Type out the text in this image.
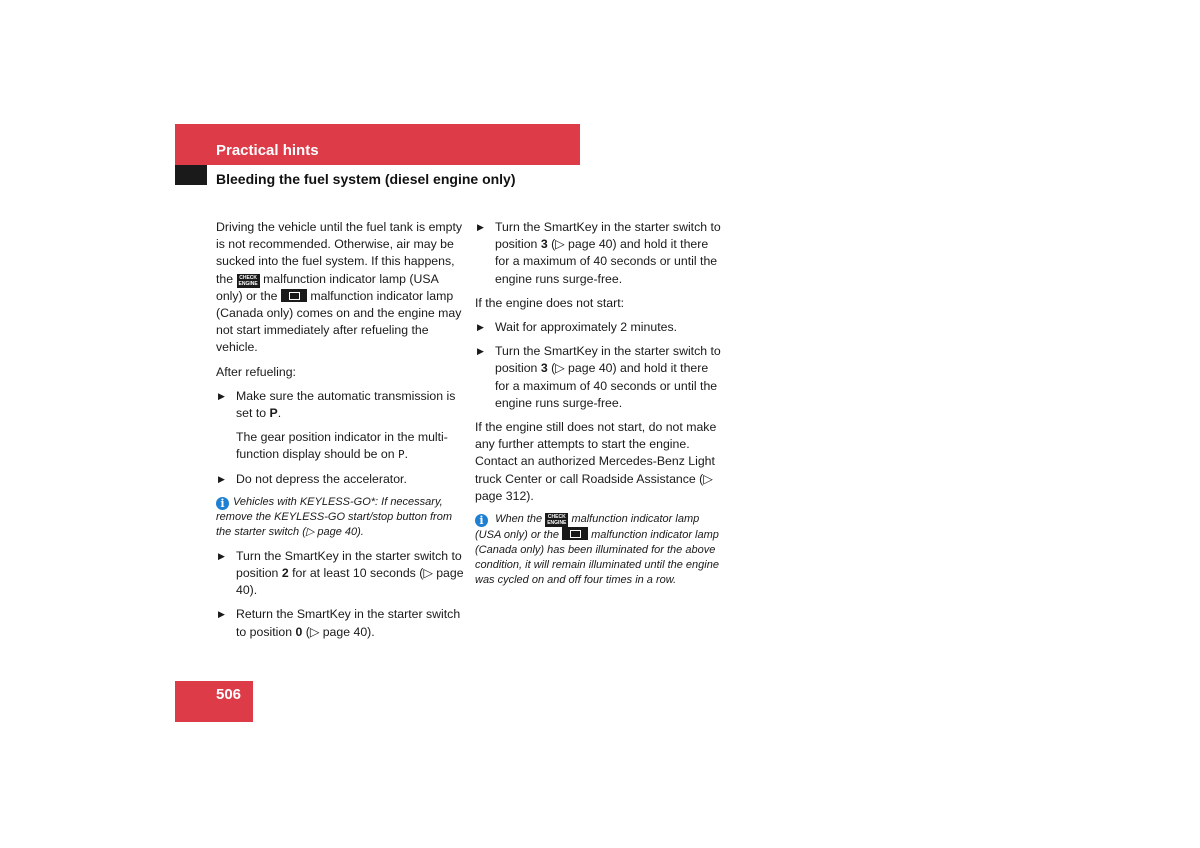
Practical hints
Bleeding the fuel system (diesel engine only)

Driving the vehicle until the fuel tank is empty is not recommended. Otherwise, air may be sucked into the fuel system. If this happens, the CHECK
ENGINE malfunction indicator lamp (USA only) or the	malfunction indicator lamp (Canada only) comes on and the engine may not start immediately after refueling the vehicle.

After refueling:

▶ Make sure the automatic transmission is set to P.
The gear position indicator in the multi-function display should be on P.
▶ Do not depress the accelerator.
i Vehicles with KEYLESS-GO*: If necessary, remove the KEYLESS-GO start/stop button from the starter switch (▷ page 40).
▶ Turn the SmartKey in the starter switch to position 2 for at least 10 seconds (▷ page 40).
▶ Return the SmartKey in the starter switch to position 0 (▷ page 40).
▶ Turn the SmartKey in the starter switch to position 3 (▷ page 40) and hold it there for a maximum of 40 seconds or until the engine runs surge-free.

If the engine does not start:

▶ Wait for approximately 2 minutes.
▶ Turn the SmartKey in the starter switch to position 3 (▷ page 40) and hold it there for a maximum of 40 seconds or until the engine runs surge-free.

If the engine still does not start, do not make any further attempts to start the engine. Contact an authorized Mercedes-Benz Light truck Center or call Roadside Assistance (▷ page 312).

i When the CHECK
ENGINE malfunction indicator lamp (USA only) or the	malfunction indicator lamp (Canada only) has been illuminated for the above condition, it will remain illuminated until the engine was cycled on and off four times in a row.
506
